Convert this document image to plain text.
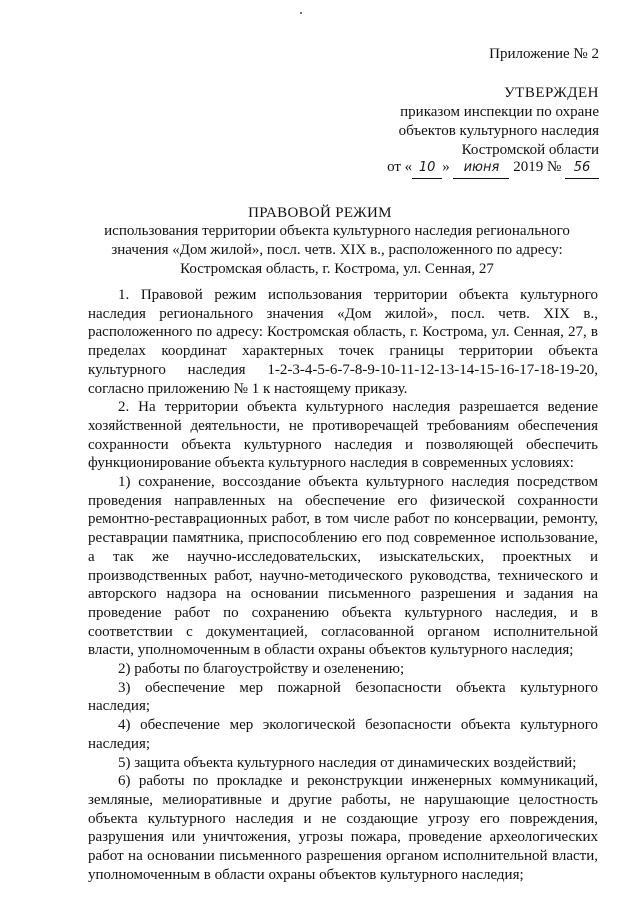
Приложение № 2
УТВЕРЖДЕН
приказом инспекции по охране
объектов культурного наследия
Костромской области
от « 10 » июня 2019 № 56
ПРАВОВОЙ РЕЖИМ
использования территории объекта культурного наследия регионального значения «Дом жилой», посл. четв. XIX в., расположенного по адресу: Костромская область, г. Кострома, ул. Сенная, 27

1. Правовой режим использования территории объекта культурного наследия регионального значения «Дом жилой», посл. четв. XIX в., расположенного по адресу: Костромская область, г. Кострома, ул. Сенная, 27, в пределах координат характерных точек границы территории объекта культурного наследия 1-2-3-4-5-6-7-8-9-10-11-12-13-14-15-16-17-18-19-20, согласно приложению № 1 к настоящему приказу.

2. На территории объекта культурного наследия разрешается ведение хозяйственной деятельности, не противоречащей требованиям обеспечения сохранности объекта культурного наследия и позволяющей обеспечить функционирование объекта культурного наследия в современных условиях:

1) сохранение, воссоздание объекта культурного наследия посредством проведения направленных на обеспечение его физической сохранности ремонтно-реставрационных работ, в том числе работ по консервации, ремонту, реставрации памятника, приспособлению его под современное использование, а так же научно-исследовательских, изыскательских, проектных и производственных работ, научно-методического руководства, технического и авторского надзора на основании письменного разрешения и задания на проведение работ по сохранению объекта культурного наследия, и в соответствии с документацией, согласованной органом исполнительной власти, уполномоченным в области охраны объектов культурного наследия;

2) работы по благоустройству и озеленению;

3) обеспечение мер пожарной безопасности объекта культурного наследия;

4) обеспечение мер экологической безопасности объекта культурного наследия;

5) защита объекта культурного наследия от динамических воздействий;

6) работы по прокладке и реконструкции инженерных коммуникаций, земляные, мелиоративные и другие работы, не нарушающие целостность объекта культурного наследия и не создающие угрозу его повреждения, разрушения или уничтожения, угрозы пожара, проведение археологических работ на основании письменного разрешения органом исполнительной власти, уполномоченным в области охраны объектов культурного наследия;
